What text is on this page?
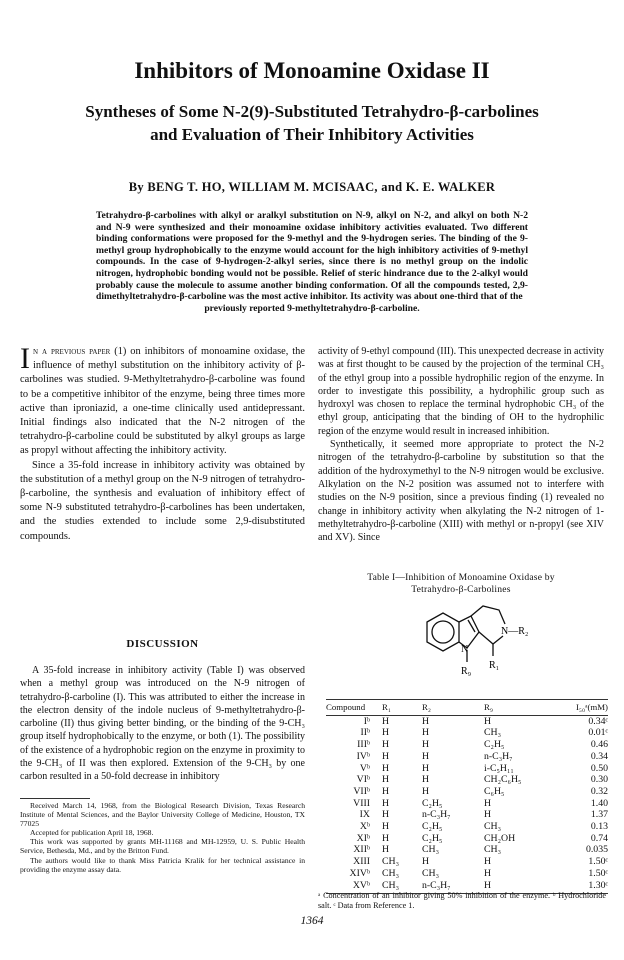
Inhibitors of Monoamine Oxidase II
Syntheses of Some N-2(9)-Substituted Tetrahydro-β-carbolines
and Evaluation of Their Inhibitory Activities
By BENG T. HO, WILLIAM M. MCISAAC, and K. E. WALKER

Tetrahydro-β-carbolines with alkyl or aralkyl substitution on N-9, alkyl on N-2, and alkyl on both N-2 and N-9 were synthesized and their monoamine oxidase inhibitory activities evaluated. Two different binding conformations were proposed for the 9-methyl and the 9-hydrogen series. The binding of the 9-methyl group hydrophobically to the enzyme would account for the high inhibitory activities of 9-methyl compounds. In the case of 9-hydrogen-2-alkyl series, since there is no methyl group on the indolic nitrogen, hydrophobic bonding would not be possible. Relief of steric hindrance due to the 2-alkyl would probably cause the molecule to assume another binding conformation. Of all the compounds tested, 2,9-dimethyltetrahydro-β-carboline was the most active inhibitor. Its activity was about one-third that of the

previously reported 9-methyltetrahydro-β-carboline.

In a previous paper (1) on inhibitors of monoamine oxidase, the influence of methyl substitution on the inhibitory activity of β-carbolines was studied. 9-Methyltetrahydro-β-carboline was found to be a competitive inhibitor of the enzyme, being three times more active than iproniazid, a one-time clinically used antidepressant. Initial findings also indicated that the N-2 nitrogen of the tetrahydro-β-carboline could be substituted by alkyl groups as large as propyl without affecting the inhibitory activity.

Since a 35-fold increase in inhibitory activity was obtained by the substitution of a methyl group on the N-9 nitrogen of tetrahydro-β-carboline, the synthesis and evaluation of inhibitory effect of some N-9 substituted tetrahydro-β-carbolines has been undertaken, and the studies extended to include some 2,9-disubstituted compounds.

DISCUSSION

A 35-fold increase in inhibitory activity (Table I) was observed when a methyl group was introduced on the N-9 nitrogen of tetrahydro-β-carboline (I). This was attributed to either the increase in the electron density of the indole nucleus of 9-methyltetrahydro-β-carboline (II) thus giving better binding, or the binding of the 9-CH₃ group itself hydrophobically to the enzyme, or both (1). The possibility of the existence of a hydrophobic region on the enzyme in proximity to the 9-CH₃ of II was then explored. Extension of the 9-CH₃ by one carbon resulted in a 50-fold decrease in inhibitory

Received March 14, 1968, from the Biological Research Division, Texas Research Institute of Mental Sciences, and the Baylor University College of Medicine, Houston, TX 77025

Accepted for publication April 18, 1968.

This work was supported by grants MH-11168 and MH-12959, U. S. Public Health Service, Bethesda, Md., and by the Britton Fund.

The authors would like to thank Miss Patricia Kralik for her technical assistance in providing the enzyme assay data.

activity of 9-ethyl compound (III). This unexpected decrease in activity was at first thought to be caused by the projection of the terminal CH₃ of the ethyl group into a possible hydrophilic region of the enzyme. In order to investigate this possibility, a hydrophilic group such as hydroxyl was chosen to replace the terminal hydrophobic CH₃ of the ethyl group, anticipating that the binding of OH to the hydrophilic region of the enzyme would result in increased inhibition.

Synthetically, it seemed more appropriate to protect the N-2 nitrogen of the tetrahydro-β-carboline by substitution so that the addition of the hydroxymethyl to the N-9 nitrogen would be exclusive. Alkylation on the N-2 position was assumed not to interfere with studies on the N-9 position, since a previous finding (1) revealed no change in inhibitory activity when alkylating the N-2 nitrogen of 1-methyltetrahydro-β-carboline (XIII) with methyl or n-propyl (see XIV and XV). Since

Table I—Inhibition of Monoamine Oxidase by
Tetrahydro-β-Carbolines
N
N—R₂
R₉
R₁
Compound	R₁	R₂	R₉	I₅₀ᵃ(mM)
Iᵇ	H	H	H	0.34ᶜ
IIᵇ	H	H	CH₃	0.01ᶜ
IIIᵇ	H	H	C₂H₅	0.46
IVᵇ	H	H	n-C₃H₇	0.34
Vᵇ	H	H	i-C₅H₁₁	0.50
VIᵇ	H	H	CH₂C₆H₅	0.30
VIIᵇ	H	H	C₆H₅	0.32
VIII	H	C₂H₅	H	1.40
IX	H	n-C₃H₇	H	1.37
Xᵇ	H	C₂H₅	CH₃	0.13
XIᵇ	H	C₂H₅	CH₂OH	0.74
XIIᵇ	H	CH₃	CH₃	0.035
XIII	CH₃	H	H	1.50ᶜ
XIVᵇ	CH₃	CH₃	H	1.50ᶜ
XVᵇ	CH₃	n-C₃H₇	H	1.30ᶜ
ᵃ Concentration of an inhibitor giving 50% inhibition of the enzyme. ᵇ Hydrochloride salt. ᶜ Data from Reference 1.
1364
